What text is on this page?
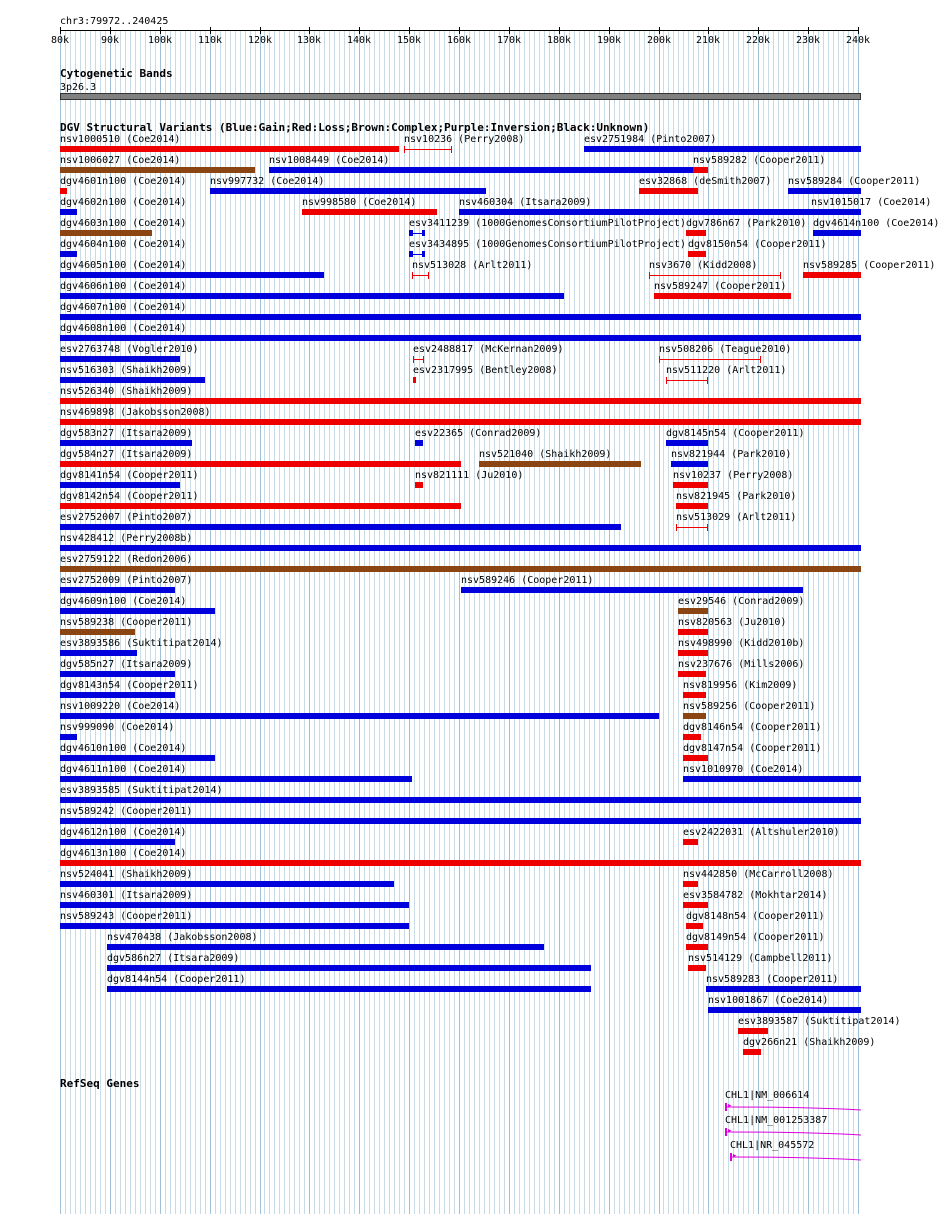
chr3:79972..240425
80k	90k	100k	110k	120k 130k	140k	150k	160k	170k	180k	190k	200k 210k	220k	230k	240k
Cytogenetic Bands
3p26.3
DGV Structural Variants (Blue:Gain;Red:Loss;Brown:Complex;Purple:Inversion;Black:Unknown)
nsv1000510 (Coe2014)	nsv10236 (Perry2008)	esv2751984 (Pinto2007)
nsv1006027 (Coe2014)	nsv1008449 (Coe2014)	nsv589282 (Cooper2011)
dgv4601n100 (Coe2014) nsv997732 (Coe2014)	esv32868 (deSmith2007) nsv589284 (Cooper2011)
dgv4602n100 (Coe2014)	nsv998580 (Coe2014)	nsv460304 (Itsara2009)	nsv1015017 (Coe2014)
dgv4603n100 (Coe2014)	esv3411239 (1000GenomesConsortiumPilotProject) dgv786n67 (Park2010) dgv4614n100 (Coe2014)
dgv4604n100 (Coe2014)	esv3434895 (1000GenomesConsortiumPilotProject) dgv8150n54 (Cooper2011)
dgv4605n100 (Coe2014)	nsv513028 (Arlt2011)	nsv3670 (Kidd2008)	nsv589285 (Cooper2011)
dgv4606n100 (Coe2014)	nsv589247 (Cooper2011)
dgv4607n100 (Coe2014)
dgv4608n100 (Coe2014)
esv2763748 (Vogler2010)	esv2488817 (McKernan2009)	nsv508206 (Teague2010)
nsv516303 (Shaikh2009)	esv2317995 (Bentley2008)	nsv511220 (Arlt2011)
nsv526340 (Shaikh2009)
nsv469898 (Jakobsson2008)
dgv583n27 (Itsara2009)	esv22365 (Conrad2009)	dgv8145n54 (Cooper2011)
dgv584n27 (Itsara2009)	nsv521040 (Shaikh2009)	nsv821944 (Park2010)
dgv8141n54 (Cooper2011)	nsv821111 (Ju2010)	nsv10237 (Perry2008)
dgv8142n54 (Cooper2011)	nsv821945 (Park2010)
esv2752007 (Pinto2007)	nsv513029 (Arlt2011)
nsv428412 (Perry2008b)
esv2759122 (Redon2006)
esv2752009 (Pinto2007)	nsv589246 (Cooper2011)
dgv4609n100 (Coe2014)	esv29546 (Conrad2009)
nsv589238 (Cooper2011)	nsv820563 (Ju2010)
esv3893586 (Suktitipat2014)	nsv498990 (Kidd2010b)
dgv585n27 (Itsara2009)	nsv237676 (Mills2006)
dgv8143n54 (Cooper2011)	nsv819956 (Kim2009)
nsv1009220 (Coe2014)	nsv589256 (Cooper2011)
nsv999090 (Coe2014)	dgv8146n54 (Cooper2011)
dgv4610n100 (Coe2014)	dgv8147n54 (Cooper2011)
dgv4611n100 (Coe2014)	nsv1010970 (Coe2014)
esv3893585 (Suktitipat2014)
nsv589242 (Cooper2011)
dgv4612n100 (Coe2014)	esv2422031 (Altshuler2010)
dgv4613n100 (Coe2014)
nsv524041 (Shaikh2009)	nsv442850 (McCarroll2008)
nsv460301 (Itsara2009)	esv3584782 (Mokhtar2014)
nsv589243 (Cooper2011)	dgv8148n54 (Cooper2011)
nsv470438 (Jakobsson2008)	dgv8149n54 (Cooper2011)
dgv586n27 (Itsara2009)	nsv514129 (Campbell2011)
dgv8144n54 (Cooper2011)	nsv589283 (Cooper2011)
nsv1001867 (Coe2014)
esv3893587 (Suktitipat2014)
dgv266n21 (Shaikh2009)
RefSeq Genes
CHL1|NM_006614
▸
CHL1|NM_001253387
▸
CHL1|NR_045572
▸
